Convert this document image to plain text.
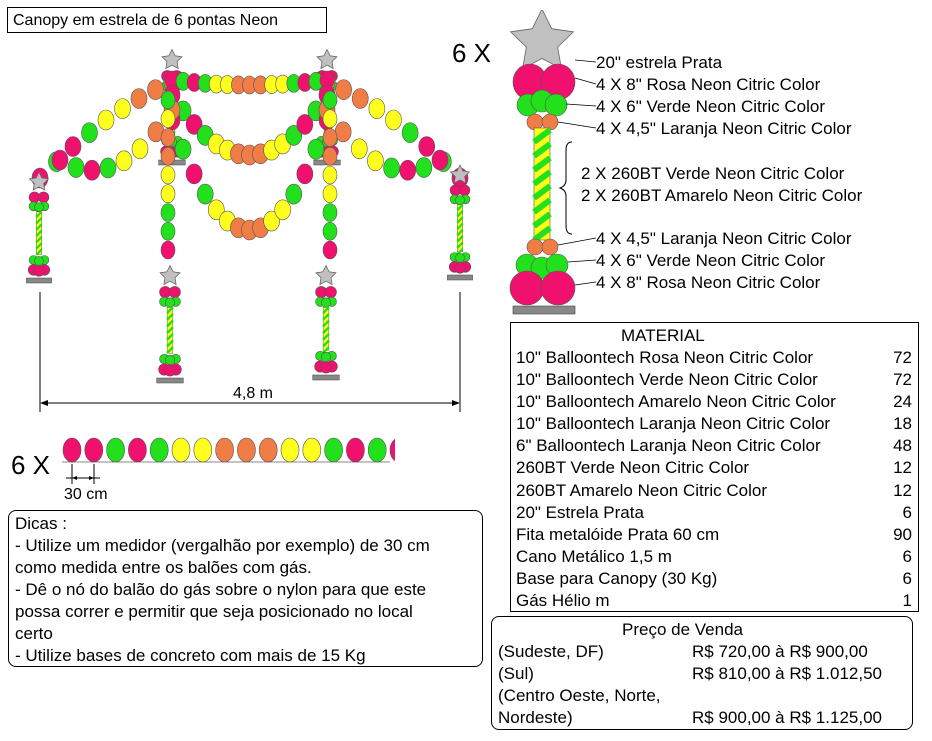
Canopy em estrela de 6 pontas Neon
4,8 m
6 X	20" estrela Prata
4 X 8" Rosa Neon Citric Color
4 X 6" Verde Neon Citric Color
4 X 4,5" Laranja Neon Citric Color
2 X 260BT Verde Neon Citric Color
2 X 260BT Amarelo Neon Citric Color
4 X 4,5" Laranja Neon Citric Color
4 X 6" Verde Neon Citric Color
4 X 8" Rosa Neon Citric Color
6 X
30 cm
MATERIAL
10" Balloontech Rosa Neon Citric Color	72
10" Balloontech Verde Neon Citric Color	72
10" Balloontech Amarelo Neon Citric Color	24
10" Balloontech Laranja Neon Citric Color	18
6" Balloontech Laranja Neon Citric Color	48
260BT Verde Neon Citric Color	12
260BT Amarelo Neon Citric Color	12
20" Estrela Prata	6
Fita metalóide Prata 60 cm	90
Cano Metálico 1,5 m	6
Base para Canopy (30 Kg)	6
Gás Hélio m	1
Dicas :
- Utilize um medidor (vergalhão por exemplo) de 30 cm
como medida entre os balões com gás.
- Dê o nó do balão do gás sobre o nylon para que este
possa correr e permitir que seja posicionado no local
certo
- Utilize bases de concreto com mais de 15 Kg
Preço de Venda
(Sudeste, DF)	R$ 720,00 à R$ 900,00
(Sul)	R$ 810,00 à R$ 1.012,50
(Centro Oeste, Norte,
Nordeste)	R$ 900,00 à R$ 1.125,00
